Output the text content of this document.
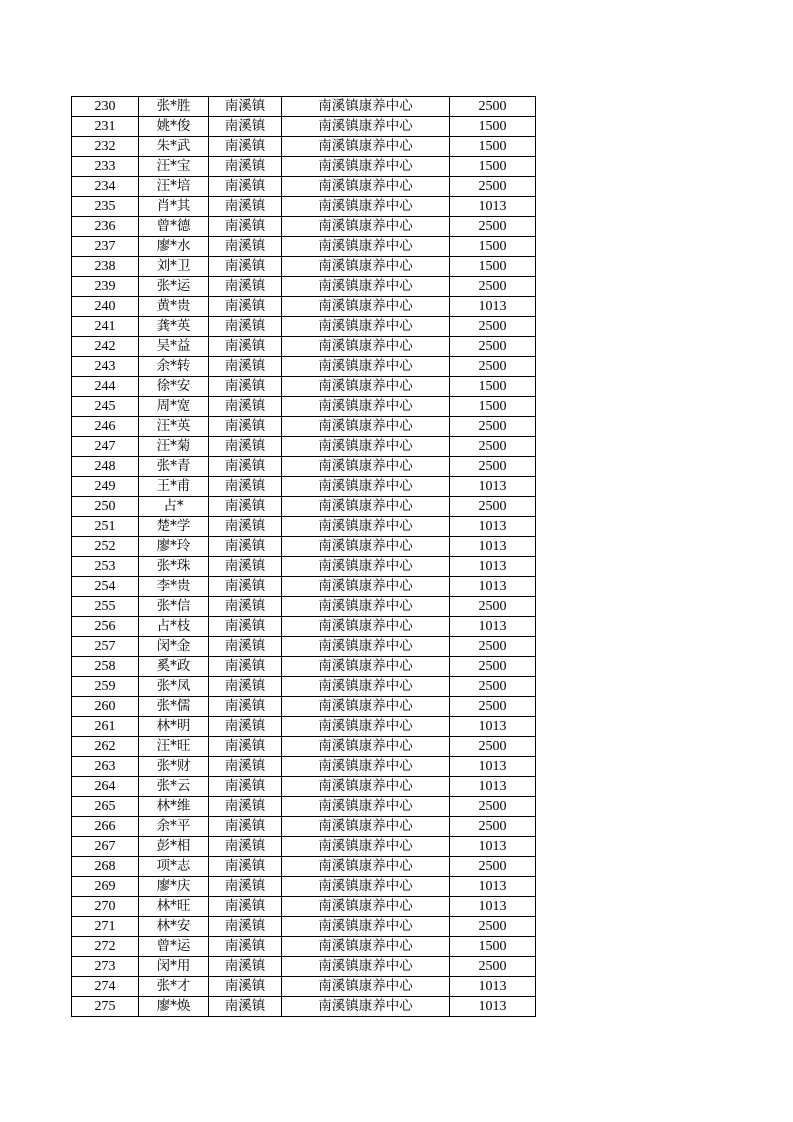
230	张*胜	南溪镇	南溪镇康养中心	2500
231	姚*俊	南溪镇	南溪镇康养中心	1500
232	朱*武	南溪镇	南溪镇康养中心	1500
233	汪*宝	南溪镇	南溪镇康养中心	1500
234	汪*培	南溪镇	南溪镇康养中心	2500
235	肖*其	南溪镇	南溪镇康养中心	1013
236	曾*德	南溪镇	南溪镇康养中心	2500
237	廖*水	南溪镇	南溪镇康养中心	1500
238	刘*卫	南溪镇	南溪镇康养中心	1500
239	张*运	南溪镇	南溪镇康养中心	2500
240	黄*贵	南溪镇	南溪镇康养中心	1013
241	龚*英	南溪镇	南溪镇康养中心	2500
242	吴*益	南溪镇	南溪镇康养中心	2500
243	余*转	南溪镇	南溪镇康养中心	2500
244	徐*安	南溪镇	南溪镇康养中心	1500
245	周*宽	南溪镇	南溪镇康养中心	1500
246	汪*英	南溪镇	南溪镇康养中心	2500
247	汪*菊	南溪镇	南溪镇康养中心	2500
248	张*青	南溪镇	南溪镇康养中心	2500
249	王*甫	南溪镇	南溪镇康养中心	1013
250	占*	南溪镇	南溪镇康养中心	2500
251	楚*学	南溪镇	南溪镇康养中心	1013
252	廖*玲	南溪镇	南溪镇康养中心	1013
253	张*珠	南溪镇	南溪镇康养中心	1013
254	李*贵	南溪镇	南溪镇康养中心	1013
255	张*信	南溪镇	南溪镇康养中心	2500
256	占*枝	南溪镇	南溪镇康养中心	1013
257	闵*金	南溪镇	南溪镇康养中心	2500
258	奚*政	南溪镇	南溪镇康养中心	2500
259	张*凤	南溪镇	南溪镇康养中心	2500
260	张*儒	南溪镇	南溪镇康养中心	2500
261	林*明	南溪镇	南溪镇康养中心	1013
262	汪*旺	南溪镇	南溪镇康养中心	2500
263	张*财	南溪镇	南溪镇康养中心	1013
264	张*云	南溪镇	南溪镇康养中心	1013
265	林*维	南溪镇	南溪镇康养中心	2500
266	余*平	南溪镇	南溪镇康养中心	2500
267	彭*相	南溪镇	南溪镇康养中心	1013
268	项*志	南溪镇	南溪镇康养中心	2500
269	廖*庆	南溪镇	南溪镇康养中心	1013
270	林*旺	南溪镇	南溪镇康养中心	1013
271	林*安	南溪镇	南溪镇康养中心	2500
272	曾*运	南溪镇	南溪镇康养中心	1500
273	闵*用	南溪镇	南溪镇康养中心	2500
274	张*才	南溪镇	南溪镇康养中心	1013
275	廖*焕	南溪镇	南溪镇康养中心	1013
